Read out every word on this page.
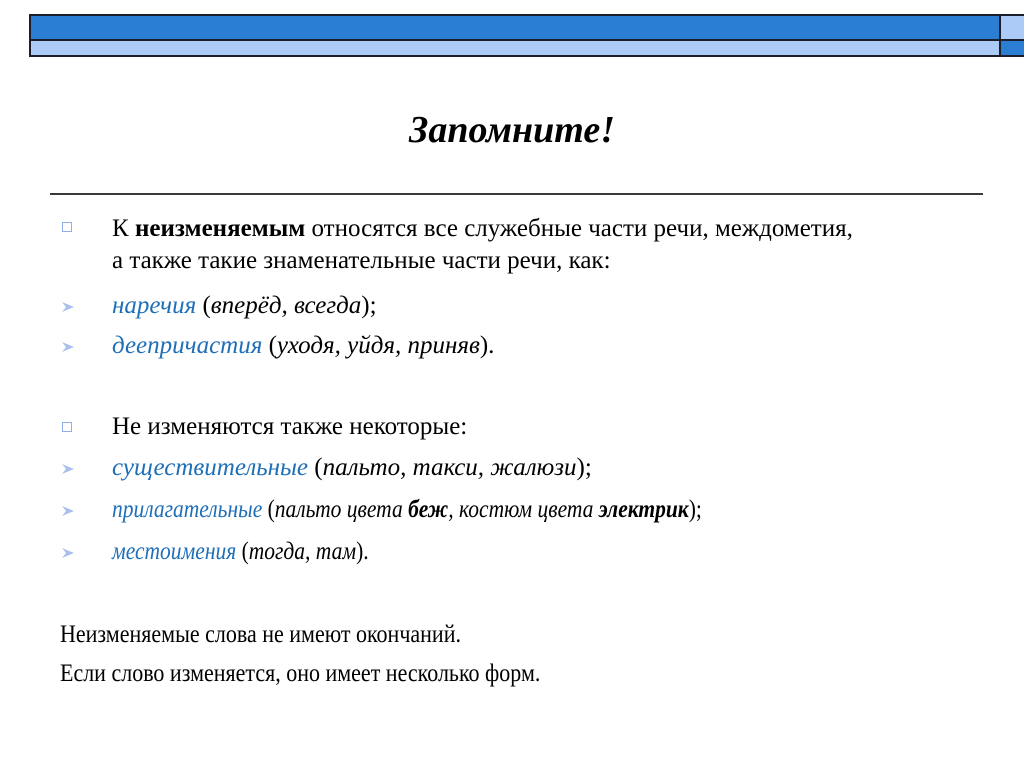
Запомните!
К неизменяемым относятся все служебные части речи, междометия,
а также такие знаменательные части речи, как:
наречия (вперёд, всегда);
деепричастия (уходя, уйдя, приняв).
Не изменяются также некоторые:
существительные (пальто, такси, жалюзи);
прилагательные (пальто цвета беж, костюм цвета электрик);
местоимения (тогда, там).
Неизменяемые слова не имеют окончаний.
Если слово изменяется, оно имеет несколько форм.
